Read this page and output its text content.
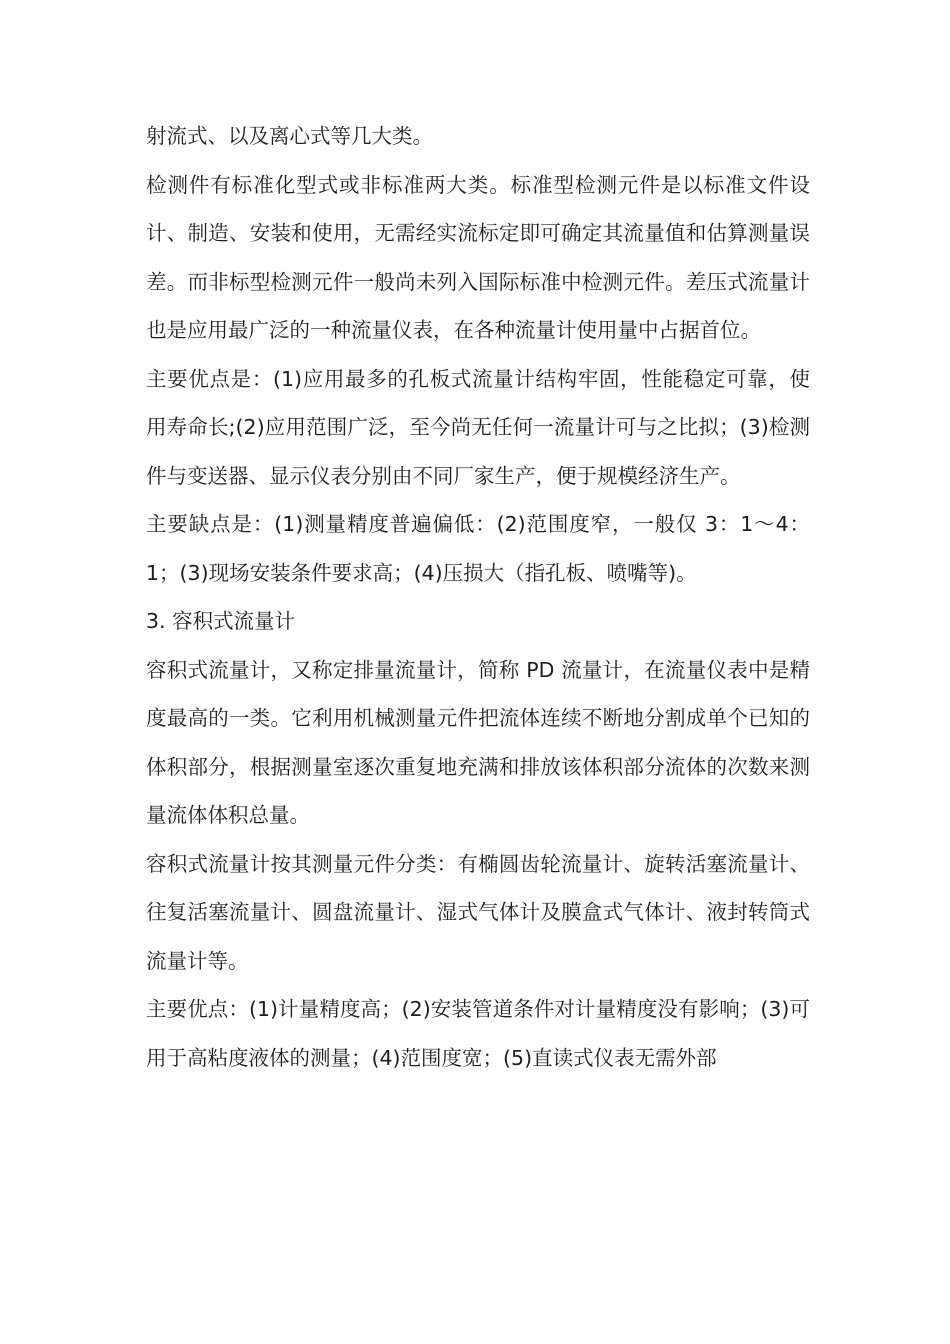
射流式、以及离心式等几大类。

检测件有标准化型式或非标准两大类。标准型检测元件是以标准文件设计、制造、安装和使用，无需经实流标定即可确定其流量值和估算测量误差。而非标型检测元件一般尚未列入国际标准中检测元件。差压式流量计也是应用最广泛的一种流量仪表，在各种流量计使用量中占据首位。

主要优点是：(1)应用最多的孔板式流量计结构牢固，性能稳定可靠，使用寿命长;(2)应用范围广泛，至今尚无任何一流量计可与之比拟；(3)检测件与变送器、显示仪表分别由不同厂家生产，便于规模经济生产。

主要缺点是：(1)测量精度普遍偏低：(2)范围度窄，一般仅 3：1～4：1；(3)现场安装条件要求高；(4)压损大（指孔板、喷嘴等)。

3. 容积式流量计

容积式流量计，又称定排量流量计，简称 PD 流量计，在流量仪表中是精度最高的一类。它利用机械测量元件把流体连续不断地分割成单个已知的体积部分，根据测量室逐次重复地充满和排放该体积部分流体的次数来测量流体体积总量。

容积式流量计按其测量元件分类：有椭圆齿轮流量计、旋转活塞流量计、往复活塞流量计、圆盘流量计、湿式气体计及膜盒式气体计、液封转筒式流量计等。

主要优点：(1)计量精度高；(2)安装管道条件对计量精度没有影响；(3)可用于高粘度液体的测量；(4)范围度宽；(5)直读式仪表无需外部
